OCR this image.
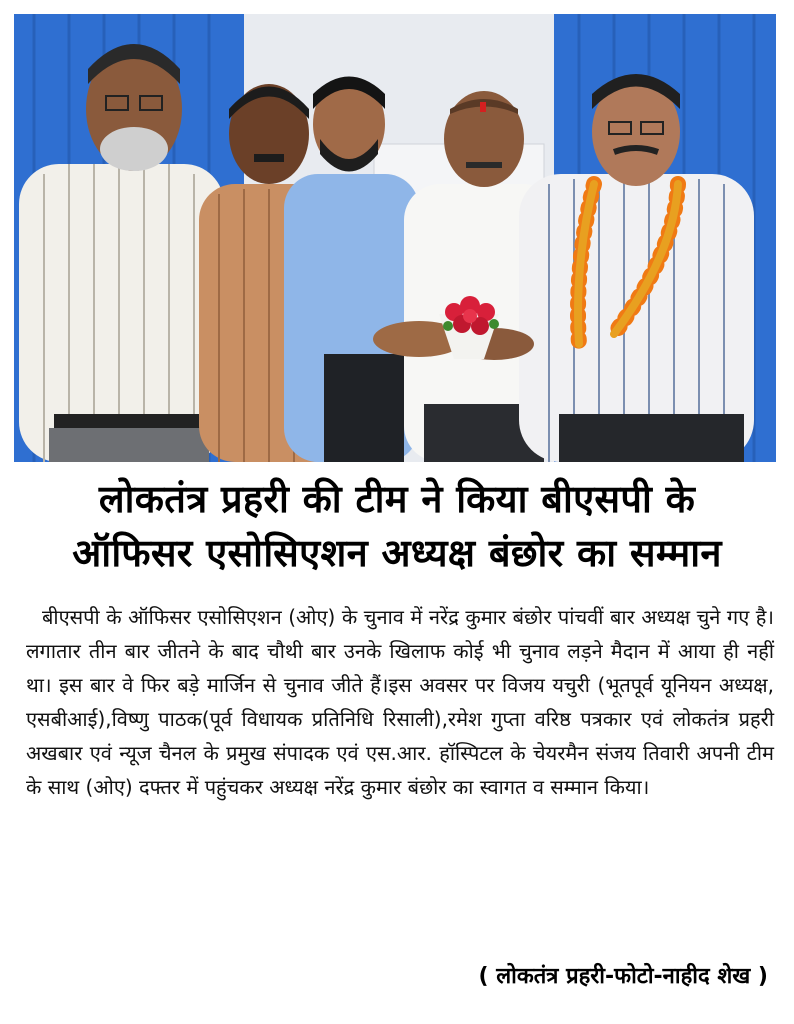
लोकतंत्र प्रहरी की टीम ने किया बीएसपी के
ऑफिसर एसोसिएशन अध्यक्ष बंछोर का सम्मान

बीएसपी के ऑफिसर एसोसिएशन (ओए) के चुनाव में नरेंद्र कुमार बंछोर पांचवीं बार अध्यक्ष चुने गए है। लगातार तीन बार जीतने के बाद चौथी बार उनके खिलाफ कोई भी चुनाव लड़ने मैदान में आया ही नहीं था। इस बार वे फिर बड़े मार्जिन से चुनाव जीते हैं।इस अवसर पर विजय यचुरी (भूतपूर्व यूनियन अध्यक्ष, एसबीआई),विष्णु पाठक(पूर्व विधायक प्रतिनिधि रिसाली),रमेश गुप्ता वरिष्ठ पत्रकार एवं लोकतंत्र प्रहरी अखबार एवं न्यूज चैनल के प्रमुख संपादक एवं एस.आर. हॉस्पिटल के चेयरमैन संजय तिवारी अपनी टीम के साथ (ओए) दफ्तर में पहुंचकर अध्यक्ष नरेंद्र कुमार बंछोर का स्वागत व सम्मान किया।

( लोकतंत्र प्रहरी-फोटो-नाहीद शेख )
